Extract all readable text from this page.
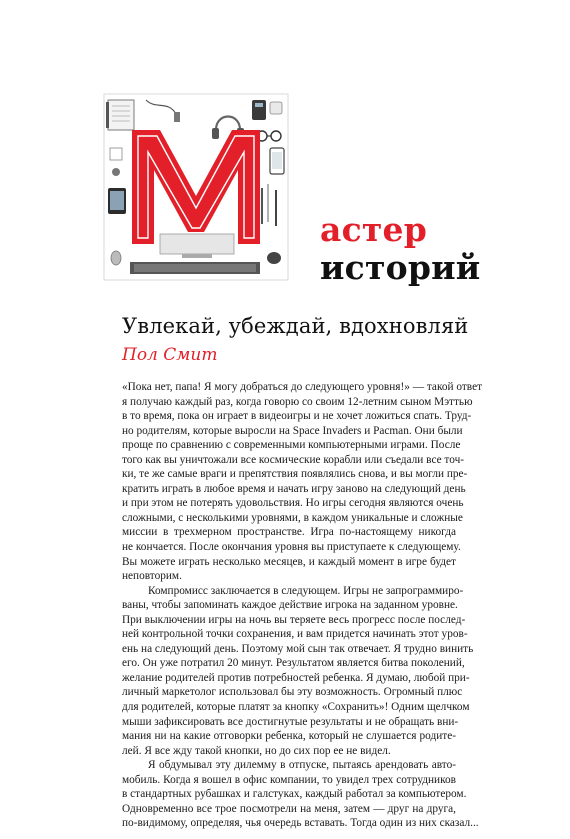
астер
историй
Увлекай, убеждай, вдохновляй
Пол Смит
«Пока нет, папа! Я могу добраться до следующего уровня!» — такой ответ
я получаю каждый раз, когда говорю со своим 12-летним сыном Мэттью
в то время, пока он играет в видеоигры и не хочет ложиться спать. Труд-
но родителям, которые выросли на Space Invaders и Pacman. Они были
проще по сравнению с современными компьютерными играми. После
того как вы уничтожали все космические корабли или съедали все точ-
ки, те же самые враги и препятствия появлялись снова, и вы могли пре-
кратить играть в любое время и начать игру заново на следующий день
и при этом не потерять удовольствия. Но игры сегодня являются очень
сложными, с несколькими уровнями, в каждом уникальные и сложные
миссии в трехмерном пространстве. Игра по-настоящему никогда
не кончается. После окончания уровня вы приступаете к следующему.
Вы можете играть несколько месяцев, и каждый момент в игре будет
неповторим.
Компромисс заключается в следующем. Игры не запрограммиро-
ваны, чтобы запоминать каждое действие игрока на заданном уровне.
При выключении игры на ночь вы теряете весь прогресс после послед-
ней контрольной точки сохранения, и вам придется начинать этот уров-
ень на следующий день. Поэтому мой сын так отвечает. Я трудно винить
его. Он уже потратил 20 минут. Результатом является битва поколений,
желание родителей против потребностей ребенка. Я думаю, любой при-
личный маркетолог использовал бы эту возможность. Огромный плюс
для родителей, которые платят за кнопку «Сохранить»! Одним щелчком
мыши зафиксировать все достигнутые результаты и не обращать вни-
мания ни на какие отговорки ребенка, который не слушается родите-
лей. Я все жду такой кнопки, но до сих пор ее не видел.
Я обдумывал эту дилемму в отпуске, пытаясь арендовать авто-
мобиль. Когда я вошел в офис компании, то увидел трех сотрудников
в стандартных рубашках и галстуках, каждый работал за компьютером.
Одновременно все трое посмотрели на меня, затем — друг на друга,
по-видимому, определяя, чья очередь вставать. Тогда один из них сказал...
